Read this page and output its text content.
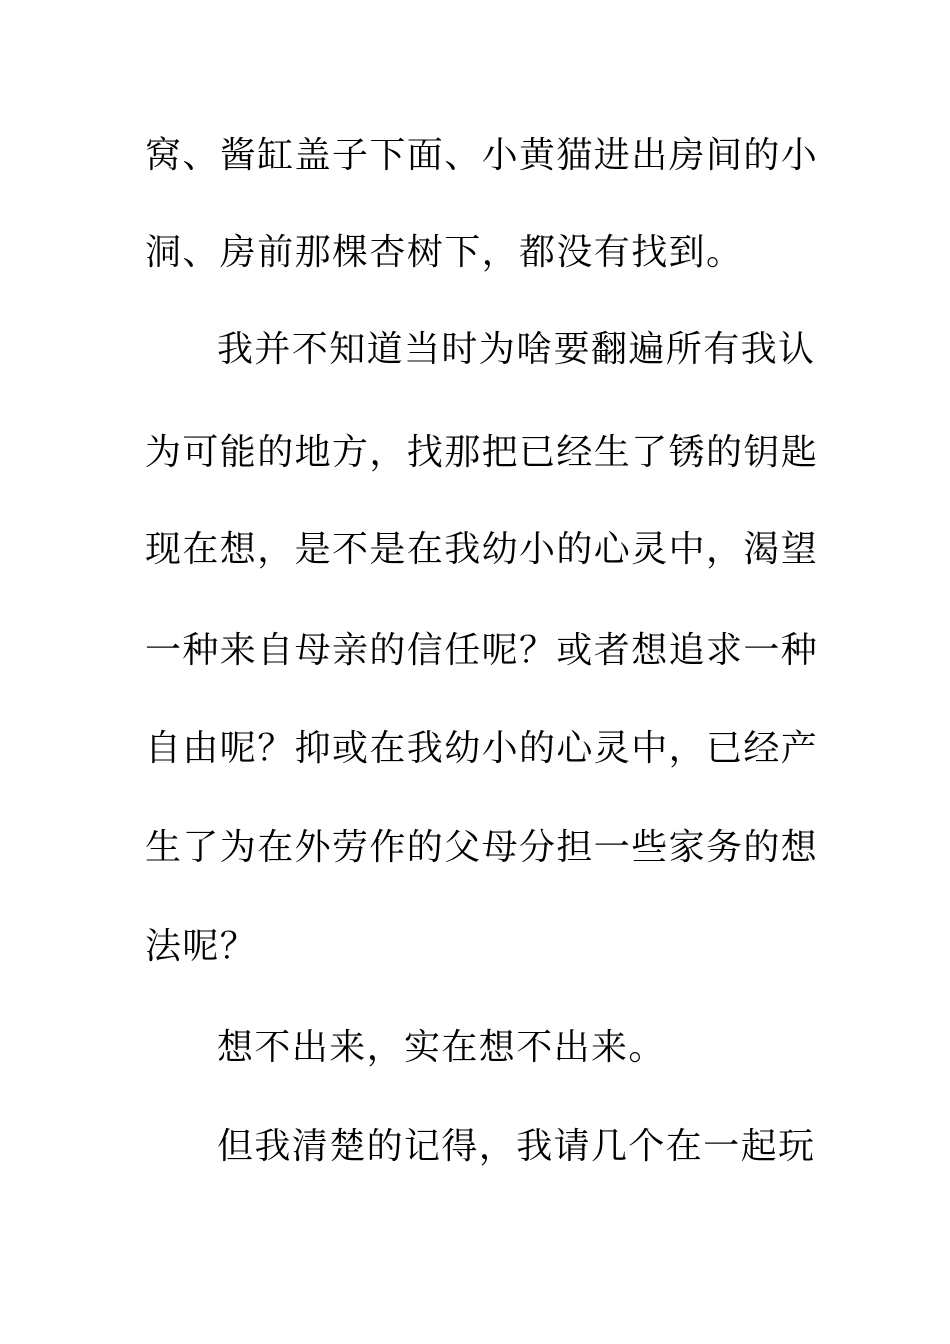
窝、酱缸盖子下面、小黄猫进出房间的小
洞、房前那棵杏树下，都没有找到。
我并不知道当时为啥要翻遍所有我认
为可能的地方，找那把已经生了锈的钥匙
现在想，是不是在我幼小的心灵中，渴望
一种来自母亲的信任呢？或者想追求一种
自由呢？抑或在我幼小的心灵中，已经产
生了为在外劳作的父母分担一些家务的想
法呢？
想不出来，实在想不出来。
但我清楚的记得，我请几个在一起玩
